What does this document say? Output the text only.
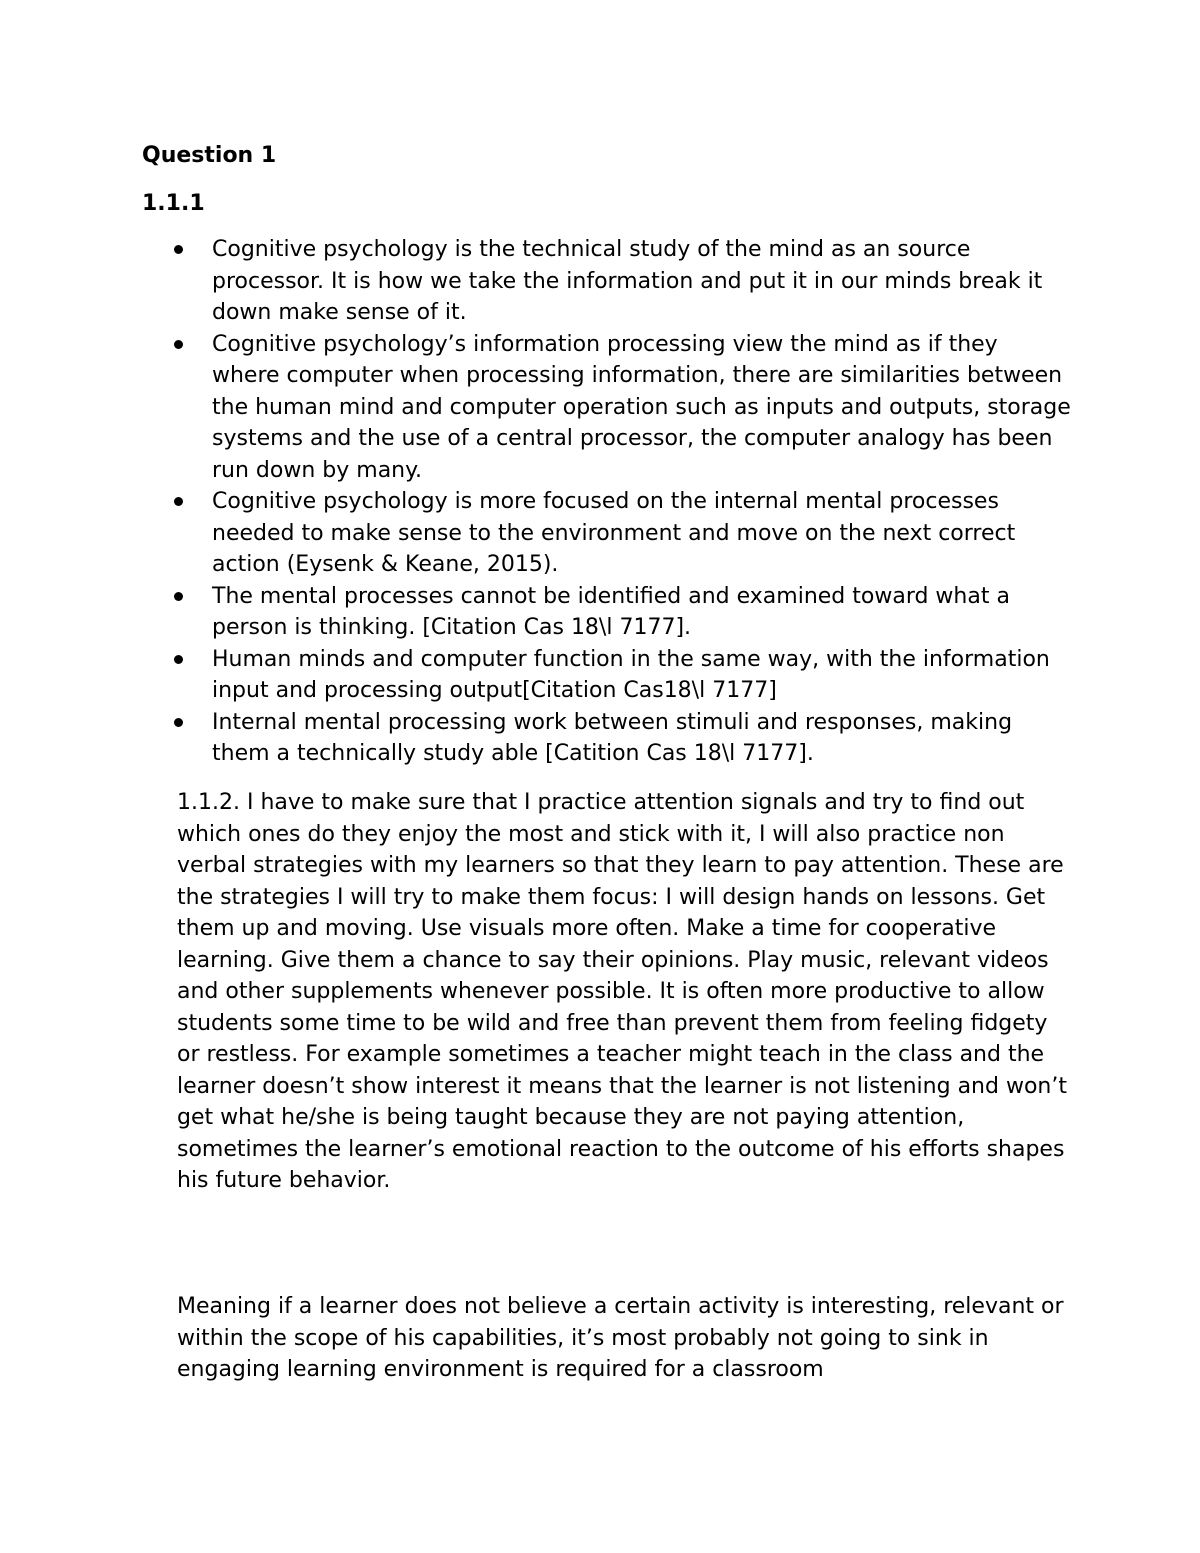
Question 1
1.1.1
Cognitive psychology is the technical study of the mind as an source processor. It is how we take the information and put it in our minds break it down make sense of it.
Cognitive psychology’s information processing view the mind as if they where computer when processing information, there are similarities between the human mind and computer operation such as inputs and outputs, storage systems and the use of a central processor, the computer analogy has been run down by many.
Cognitive psychology is more focused on the internal mental processes needed to make sense to the environment and move on the next correct action (Eysenk & Keane, 2015).
The mental processes cannot be identified and examined toward what a person is thinking. [Citation Cas 18\l 7177].
Human minds and computer function in the same way, with the information input and processing output[Citation Cas18\l 7177]
Internal mental processing work between stimuli and responses, making them a technically study able [Catition Cas 18\l 7177].

1.1.2. I have to make sure that I practice attention signals and try to find out which ones do they enjoy the most and stick with it, I will also practice non verbal strategies with my learners so that they learn to pay attention. These are the strategies I will try to make them focus: I will design hands on lessons. Get them up and moving. Use visuals more often. Make a time for cooperative learning. Give them a chance to say their opinions. Play music, relevant videos and other supplements whenever possible. It is often more productive to allow students some time to be wild and free than prevent them from feeling fidgety or restless. For example sometimes a teacher might teach in the class and the learner doesn’t show interest it means that the learner is not listening and won’t get what he/she is being taught because they are not paying attention, sometimes the learner’s emotional reaction to the outcome of his efforts shapes his future behavior.

Meaning if a learner does not believe a certain activity is interesting, relevant or within the scope of his capabilities, it’s most probably not going to sink in engaging learning environment is required for a classroom
